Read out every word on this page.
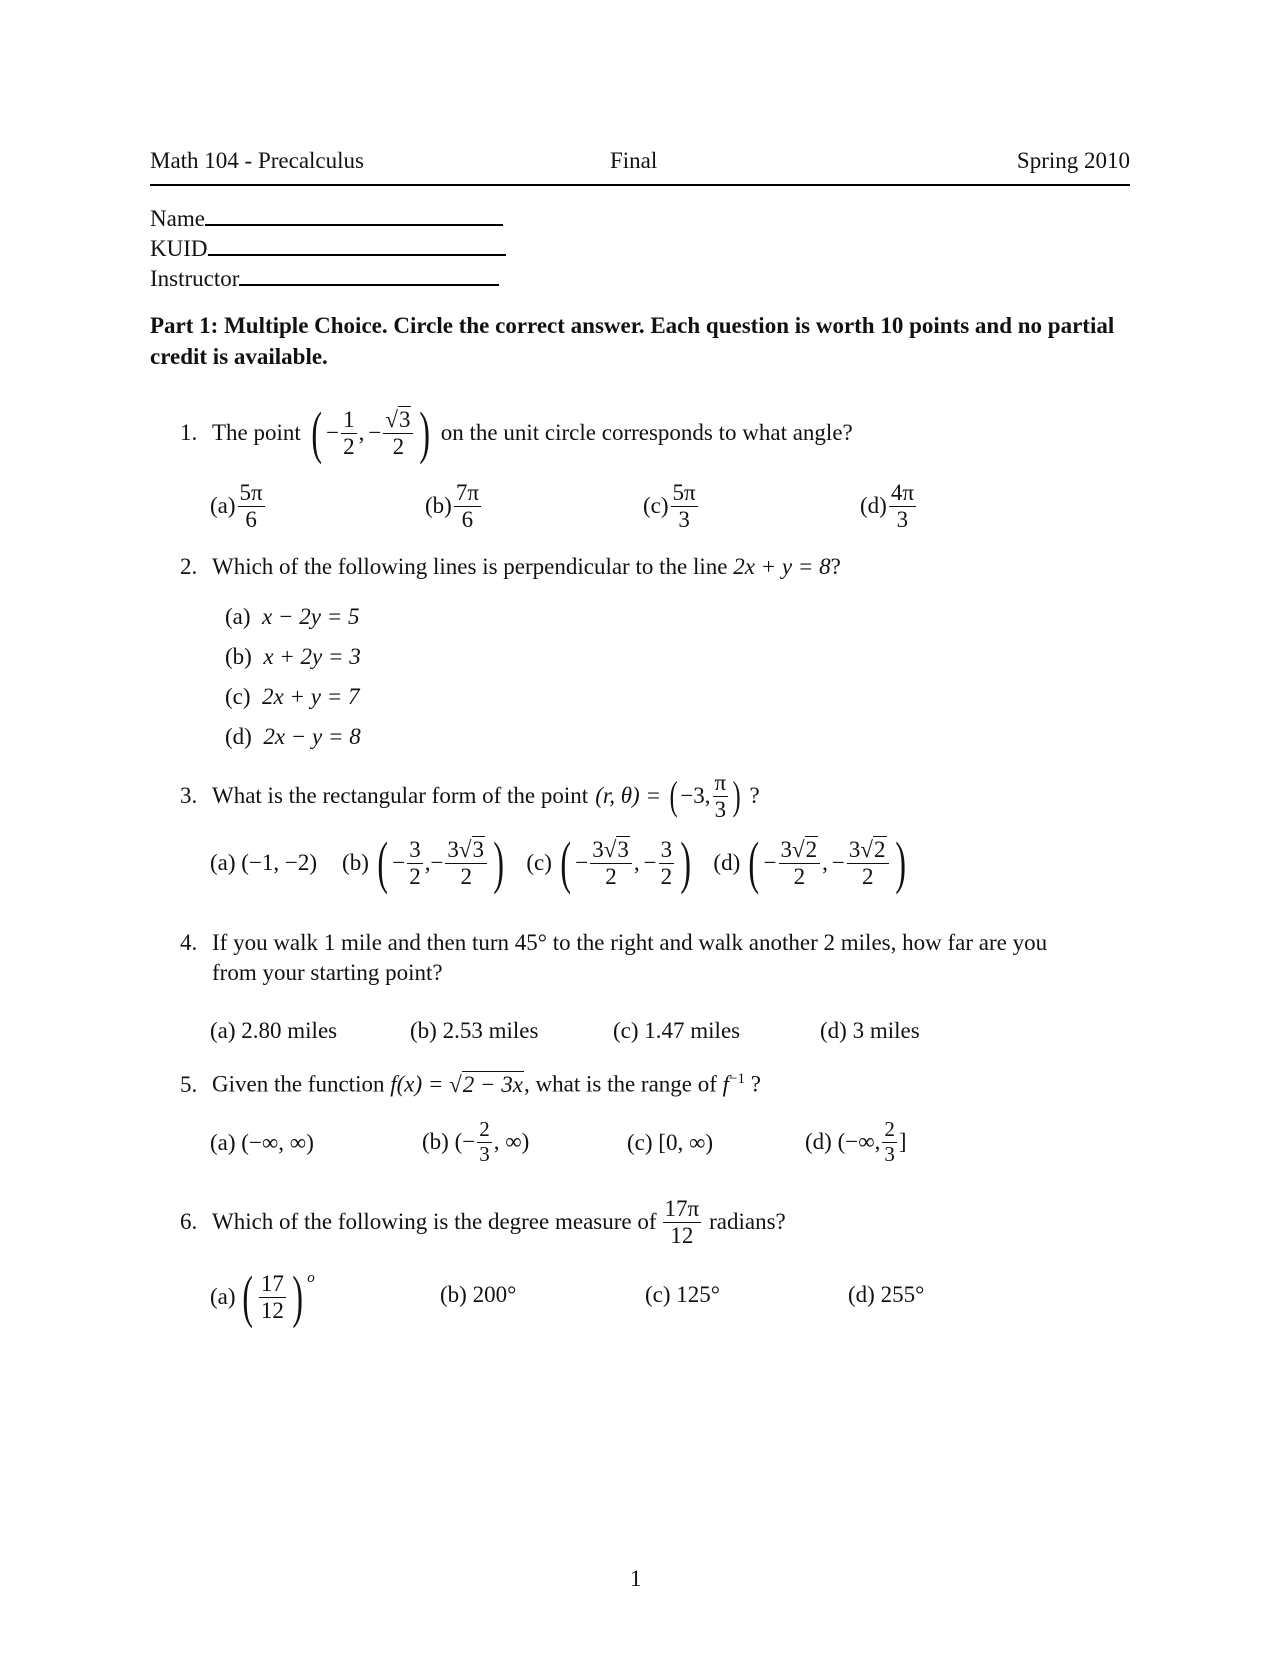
Math 104 - Precalculus	Final	Spring 2010
Name
KUID
Instructor
Part 1: Multiple Choice. Circle the correct answer. Each question is worth 10 points and no partial credit is available.
1. The point ( − $\frac{1}{2}$ , − $\frac{√3}{2}$ ) on the unit circle corresponds to what angle?
$(a) \frac{5\pi}{6}$	$(b) \frac{7\pi}{6}$	$(c) \frac{5\pi}{3}$	$(d) \frac{4\pi}{3}$
2. Which of the following lines is perpendicular to the line 2x + y = 8?
(a) x − 2y = 5
(b) x + 2y = 3
(c) 2x + y = 7
(d) 2x − y = 8
3. What is the rectangular form of the point (r, θ) = ( −3, $\frac{\pi}{3}$ ) ?
(a) (−1, −2) (b) ( − $\frac{3}{2}$ , − $\frac{3√3}{2}$ ) (c) ( − $\frac{3√3}{2}$ , − $\frac{3}{2}$ ) (d) ( − $\frac{3√2}{2}$ , − $\frac{3√2}{2}$ )
4. If you walk 1 mile and then turn 45° to the right and walk another 2 miles, how far are you
from your starting point?
(a) 2.80 miles	(b) 2.53 miles	(c) 1.47 miles	(d) 3 miles
5. Given the function f(x) = √2 − 3x, what is the range of $f^{-1}$ ?
(a)
(−∞, ∞)	(b)
(− $\frac{2}{3}$ , ∞)	(c)
[0, ∞)	(d)
(−∞, $\frac{2}{3}$ ]
6. Which of the following is the degree measure of $\frac{17\pi}{12}$ radians?
(a) ( $\frac{17}{12}$ ) o
(b) 200°	(c) 125°	(d) 255°
1
